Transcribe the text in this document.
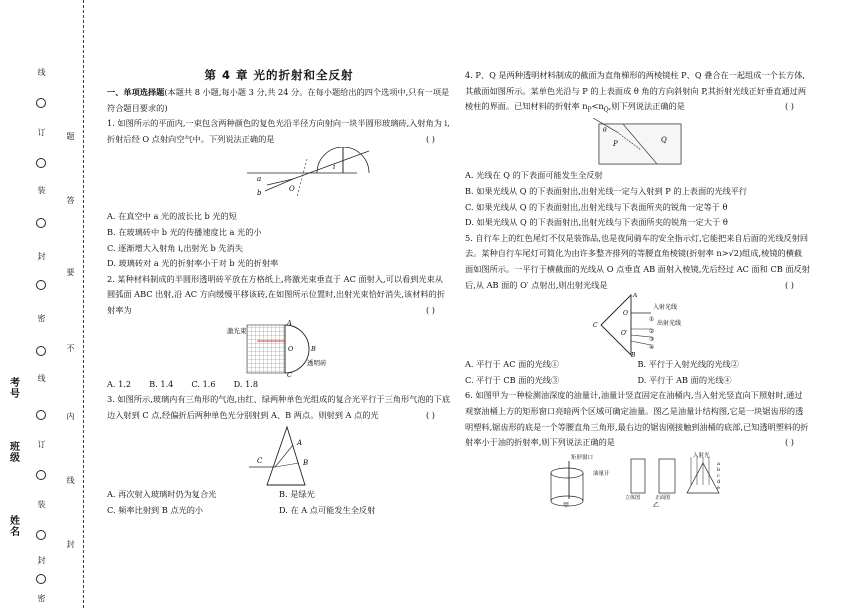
线
订
装
封
密
线
订
装
封
密
题
答
要
不
内
线
封
考号
班级
姓名

第 4 章 光的折射和全反射

一、单项选择题(本题共 8 小题,每小题 3 分,共 24 分。在每小题给出的四个选项中,只有一项是符合题目要求的)

1. 如图所示的平面内,一束包含两种颜色的复色光沿半径方向射向一块半圆形玻璃砖,入射角为 i,折射后经 O 点射向空气中。下列说法正确的是	( )

a
b	O
i

A. 在真空中 a 光的波长比 b 光的短

B. 在玻璃砖中 b 光的传播速度比 a 光的小

C. 逐渐增大入射角 i,出射光 b 先消失

D. 玻璃砖对 a 光的折射率小于对 b 光的折射率

2. 某种材料制成的半圆形透明砖平放在方格纸上,将激光束垂直于 AC 面射入,可以看到光束从圆弧面 ABC 出射,沿 AC 方向缓慢平移该砖,在如图所示位置时,出射光束恰好消失,该材料的折射率为	( )

激光束
透明砖
A
B
C
O

A. 1.2 B. 1.4 C. 1.6 D. 1.8

3. 如图所示,玻璃内有三角形的气泡,由红、绿两种单色光组成的复合光平行于三角形气泡的下底边入射到 C 点,经偏折后两种单色光分别射到 A、B 两点。则射到 A 点的光	( )

A
B
C

A. 再次射入玻璃时仍为复合光	B. 是绿光

C. 频率比射到 B 点光的小	D. 在 A 点可能发生全反射

4. P、Q 是两种透明材料制成的截面为直角梯形的两棱镜柱 P、Q 叠合在一起组成一个长方体,其截面如图所示。某单色光沿与 P 的上表面成 θ 角的方向斜射向 P,其折射光线正好垂直通过两棱柱的界面。已知材料的折射率 $n_P<n_Q$,则下列说法正确的是	( )

P	Q
θ

A. 光线在 Q 的下表面可能发生全反射

B. 如果光线从 Q 的下表面射出,出射光线一定与入射到 P 的上表面的光线平行

C. 如果光线从 Q 的下表面射出,出射光线与下表面所夹的锐角一定等于 θ

D. 如果光线从 Q 的下表面射出,出射光线与下表面所夹的锐角一定大于 θ

5. 自行车上的红色尾灯不仅是装饰品,也是夜间骑车的安全指示灯,它能把来自后面的光线反射回去。某种自行车尾灯可简化为由许多整齐排列的等腰直角棱镜(折射率 n>√2)组成,棱镜的横截面如图所示。一平行于横截面的光线从 O 点垂直 AB 面射入棱镜,先后经过 AC 面和 CB 面反射后,从 AB 面的 O′ 点射出,则出射光线是	( )

入射光线
出射光线
A
B
C
O
O′
①
②
③
④

A. 平行于 AC 面的光线①	B. 平行于入射光线的光线②

C. 平行于 CB 面的光线③	D. 平行于 AB 面的光线④

6. 如图甲为一种检测油深度的油量计,油量计竖直固定在油桶内,当入射光竖直向下照射时,通过观察油桶上方的矩形窗口亮暗两个区域可确定油量。图乙是油量计结构图,它是一块锯齿形的透明塑料,锯齿形的底是一个等腰直角三角形,最右边的锯齿刚接触到油桶的底部,已知透明塑料的折射率小于油的折射率,则下列说法正确的是	( )

甲
矩形窗口
油量计
立体图	正面图
乙
入射光
a
b
c
d
e
